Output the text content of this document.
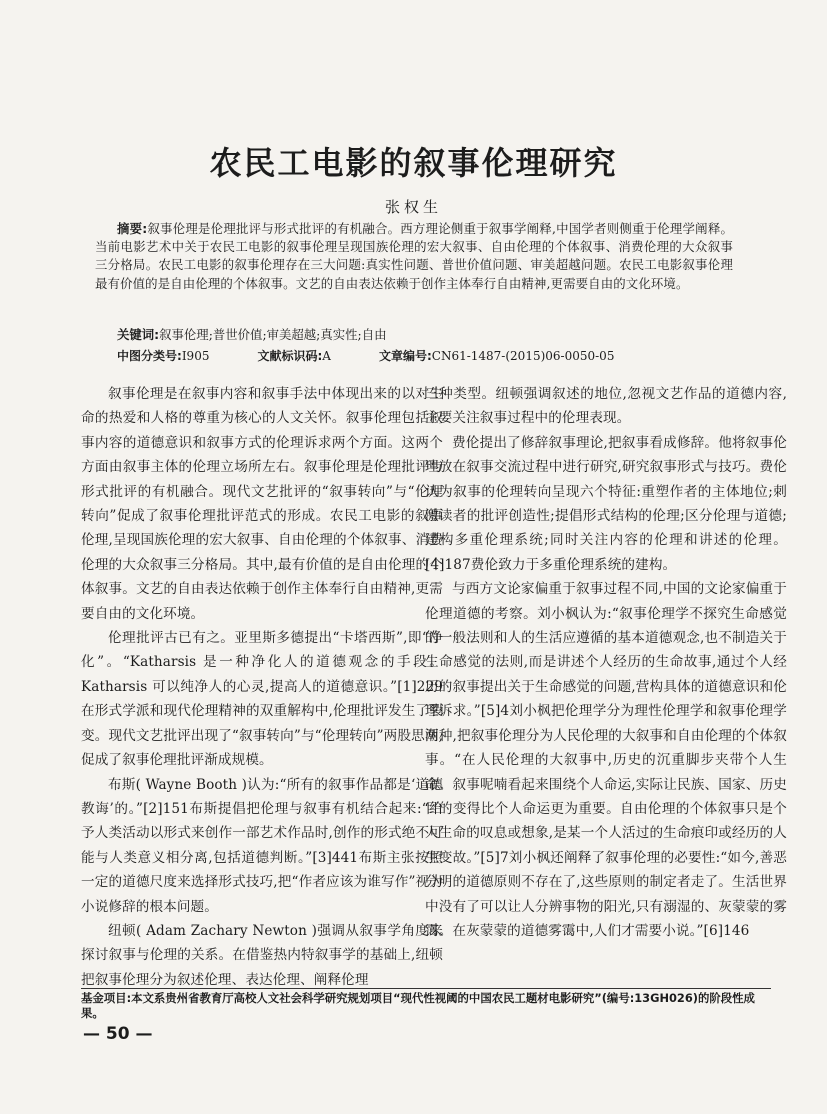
农民工电影的叙事伦理研究
张权生
摘要:叙事伦理是伦理批评与形式批评的有机融合。西方理论侧重于叙事学阐释,中国学者则侧重于伦理学阐释。当前电影艺术中关于农民工电影的叙事伦理呈现国族伦理的宏大叙事、自由伦理的个体叙事、消费伦理的大众叙事三分格局。农民工电影的叙事伦理存在三大问题:真实性问题、普世价值问题、审美超越问题。农民工电影叙事伦理最有价值的是自由伦理的个体叙事。文艺的自由表达依赖于创作主体奉行自由精神,更需要自由的文化环境。
关键词:叙事伦理;普世价值;审美超越;真实性;自由
中图分类号:I905	文献标识码:A	文章编号:CN61-1487-(2015)06-0050-05

叙事伦理是在叙事内容和叙事手法中体现出来的以对生命的热爱和人格的尊重为核心的人文关怀。叙事伦理包括叙事内容的道德意识和叙事方式的伦理诉求两个方面。这两个方面由叙事主体的伦理立场所左右。叙事伦理是伦理批评与形式批评的有机融合。现代文艺批评的“叙事转向”与“伦理转向”促成了叙事伦理批评范式的形成。农民工电影的叙事伦理,呈现国族伦理的宏大叙事、自由伦理的个体叙事、消费伦理的大众叙事三分格局。其中,最有价值的是自由伦理的个体叙事。文艺的自由表达依赖于创作主体奉行自由精神,更需要自由的文化环境。

伦理批评古已有之。亚里斯多德提出“卡塔西斯”,即“净化”。“Katharsis 是一种净化人的道德观念的手段。Katharsis 可以纯净人的心灵,提高人的道德意识。”[1]229在形式学派和现代伦理精神的双重解构中,伦理批评发生了裂变。现代文艺批评出现了“叙事转向”与“伦理转向”两股思潮,促成了叙事伦理批评渐成规模。

布斯( Wayne Booth )认为:“所有的叙事作品都是‘道德教诲’的。”[2]151布斯提倡把伦理与叙事有机结合起来:“给予人类活动以形式来创作一部艺术作品时,创作的形式绝不可能与人类意义相分离,包括道德判断。”[3]441布斯主张按照一定的道德尺度来选择形式技巧,把“作者应该为谁写作”视为小说修辞的根本问题。

纽顿( Adam Zachary Newton )强调从叙事学角度来探讨叙事与伦理的关系。在借鉴热内特叙事学的基础上,纽顿把叙事伦理分为叙述伦理、表达伦理、阐释伦理

三种类型。纽顿强调叙述的地位,忽视文艺作品的道德内容,主要关注叙事过程中的伦理表现。

费伦提出了修辞叙事理论,把叙事看成修辞。他将叙事伦理放在叙事交流过程中进行研究,研究叙事形式与技巧。费伦认为叙事的伦理转向呈现六个特征:重塑作者的主体地位;刺激读者的批评创造性;提倡形式结构的伦理;区分伦理与道德;建构多重伦理系统;同时关注内容的伦理和讲述的伦理。[4]187费伦致力于多重伦理系统的建构。

与西方文论家偏重于叙事过程不同,中国的文论家偏重于伦理道德的考察。刘小枫认为:“叙事伦理学不探究生命感觉的一般法则和人的生活应遵循的基本道德观念,也不制造关于生命感觉的法则,而是讲述个人经历的生命故事,通过个人经历的叙事提出关于生命感觉的问题,营构具体的道德意识和伦理诉求。”[5]4刘小枫把伦理学分为理性伦理学和叙事伦理学两种,把叙事伦理分为人民伦理的大叙事和自由伦理的个体叙事。“在人民伦理的大叙事中,历史的沉重脚步夹带个人生命。叙事呢喃看起来围绕个人命运,实际让民族、国家、历史目的变得比个人命运更为重要。自由伦理的个体叙事只是个人生命的叹息或想象,是某一个人活过的生命痕印或经历的人生变故。”[5]7刘小枫还阐释了叙事伦理的必要性:“如今,善恶分明的道德原则不存在了,这些原则的制定者走了。生活世界中没有了可以让人分辨事物的阳光,只有溺湿的、灰蒙蒙的雾霭。在灰蒙蒙的道德雾霭中,人们才需要小说。”[6]146

基金项目:本文系贵州省教育厅高校人文社会科学研究规划项目“现代性视阈的中国农民工题材电影研究”(编号:13GH026)的阶段性成果。
— 50 —
